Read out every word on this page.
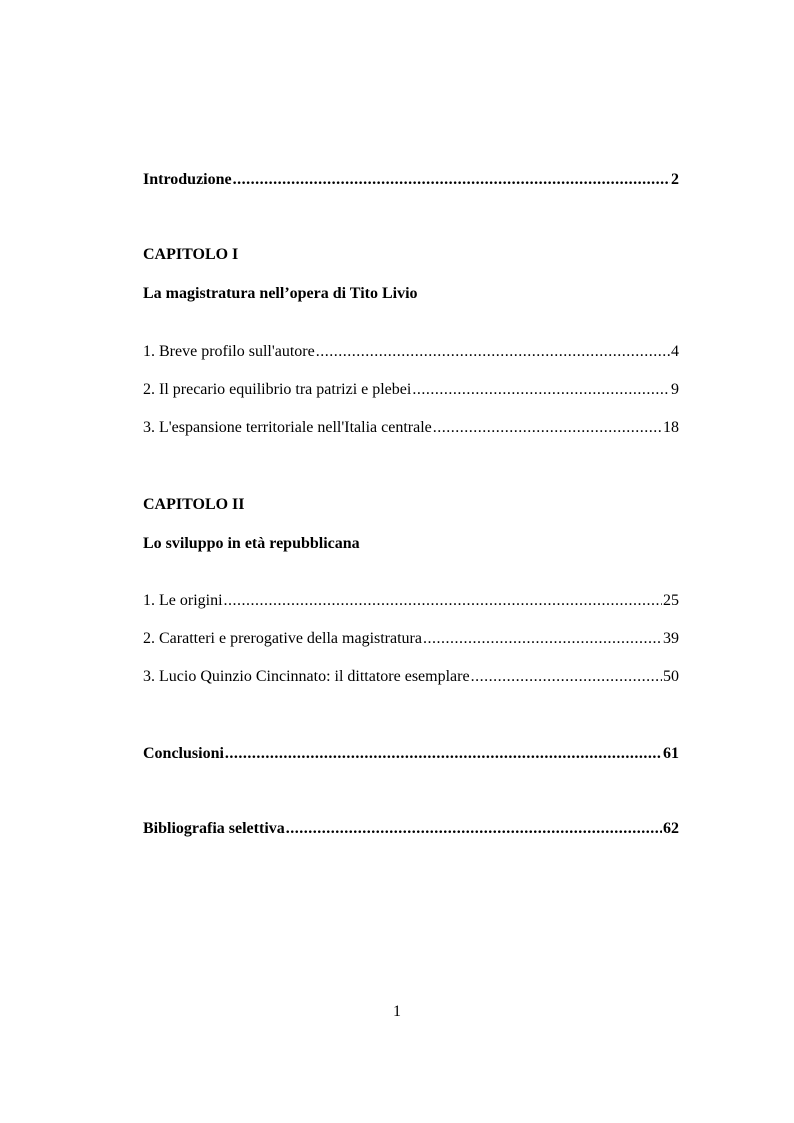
Introduzione .....	2
CAPITOLO I
La magistratura nell’opera di Tito Livio
1. Breve profilo sull'autore .....	4
2. Il precario equilibrio tra patrizi e plebei .....	9
3. L'espansione territoriale nell'Italia centrale .....	18
CAPITOLO II
Lo sviluppo in età repubblicana
1. Le origini .....	25
2. Caratteri e prerogative della magistratura .....	39
3. Lucio Quinzio Cincinnato: il dittatore esemplare .....	50
Conclusioni .....	61
Bibliografia selettiva .....	62
1
